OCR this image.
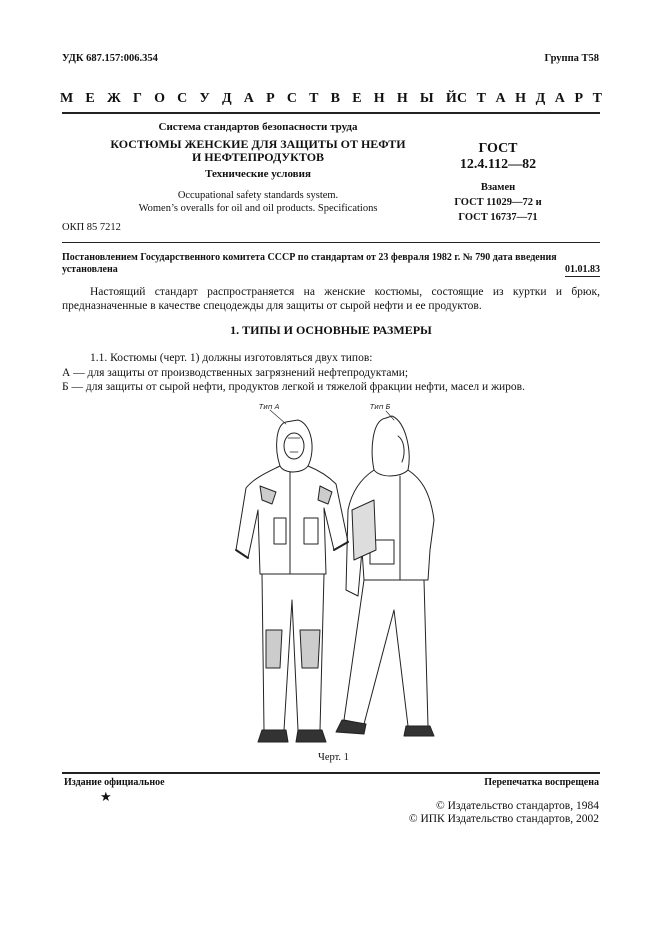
УДК 687.157:006.354	Группа Т58
М Е Ж Г О С У Д А Р С Т В Е Н Н Ы Й С Т А Н Д А Р Т
Система стандартов безопасности труда
КОСТЮМЫ ЖЕНСКИЕ ДЛЯ ЗАЩИТЫ ОТ НЕФТИ
И НЕФТЕПРОДУКТОВ
Технические условия
Occupational safety standards system.
Women’s overalls for oil and oil products. Specifications
ГОСТ
12.4.112—82
Взамен
ГОСТ 11029—72 и
ГОСТ 16737—71
ОКП 85 7212
Постановлением Государственного комитета СССР по стандартам от 23 февраля 1982 г. № 790 дата введения
установлена	01.01.83
Настоящий стандарт распространяется на женские костюмы, состоящие из куртки и брюк, предназначенные в качестве спецодежды для защиты от сырой нефти и ее продуктов.
1. ТИПЫ И ОСНОВНЫЕ РАЗМЕРЫ
1.1. Костюмы (черт. 1) должны изготовляться двух типов:
А — для защиты от производственных загрязнений нефтепродуктами;
Б — для защиты от сырой нефти, продуктов легкой и тяжелой фракции нефти, масел и жиров.
Тип А	Тип Б
Черт. 1
Издание официальное	Перепечатка воспрещена
★
© Издательство стандартов, 1984
© ИПК Издательство стандартов, 2002
